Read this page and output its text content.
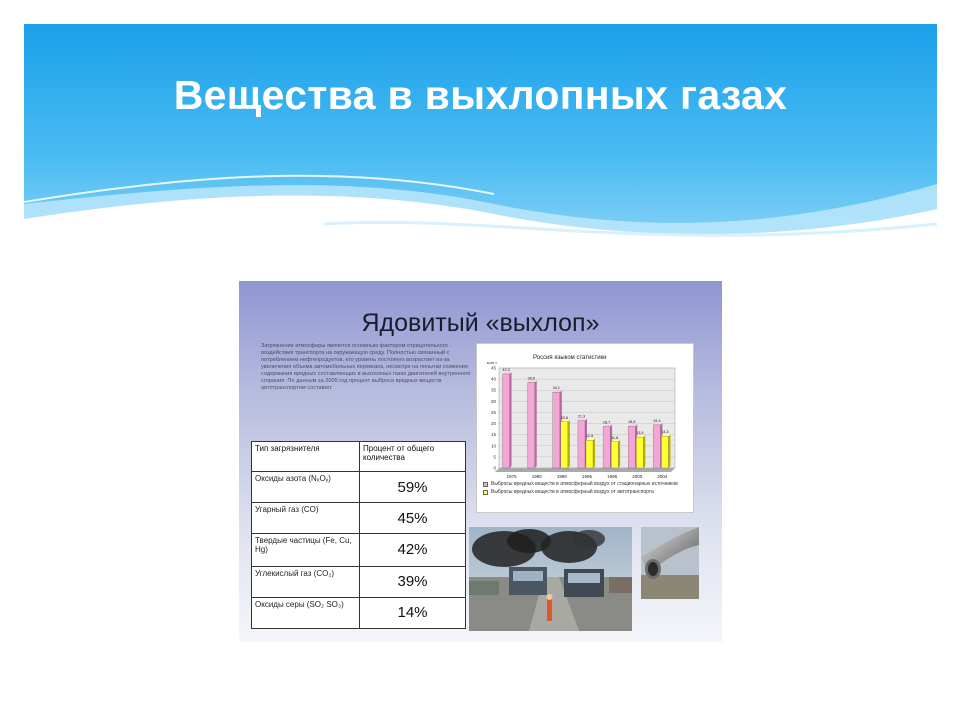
Вещества в выхлопных газах
Ядовитый «выхлоп»
Загрязнение атмосферы является основным фактором отрицательного воздействия транспорта на окружающую среду. Полностью связанный с потреблением нефтепродуктов, его уровень постоянно возрастает из-за увеличения объема автомобильных перевозок, несмотря на попытки снижения содержания вредных составляющих в выхлопных газах двигателей внутреннего сгорания. По данным за 2005 год процент выброса вредных веществ автотранспортом составил:
Тип загрязнителя	Процент от общего количества
Оксиды азота (NₓOᵧ)	59%
Угарный газ (CO)	45%
Твердые частицы (Fe, Cu, Hg)	42%
Углекислый газ (CO₂)	39%
Оксиды серы (SO₂ SO₃)	14%
0
5
10
15
20
25
30
35
40
45
млн т
42,3
1975
38,5
1980
34,1
20,8
1990
21,3
12,5
1995
18,7
11,8
1996
18,8
13,9
2000
19,4
14,3
2004
Россия языком статистики
Выбросы вредных веществ в атмосферный воздух от стационарных источников
Выбросы вредных веществ в атмосферный воздух от автотранспорта
